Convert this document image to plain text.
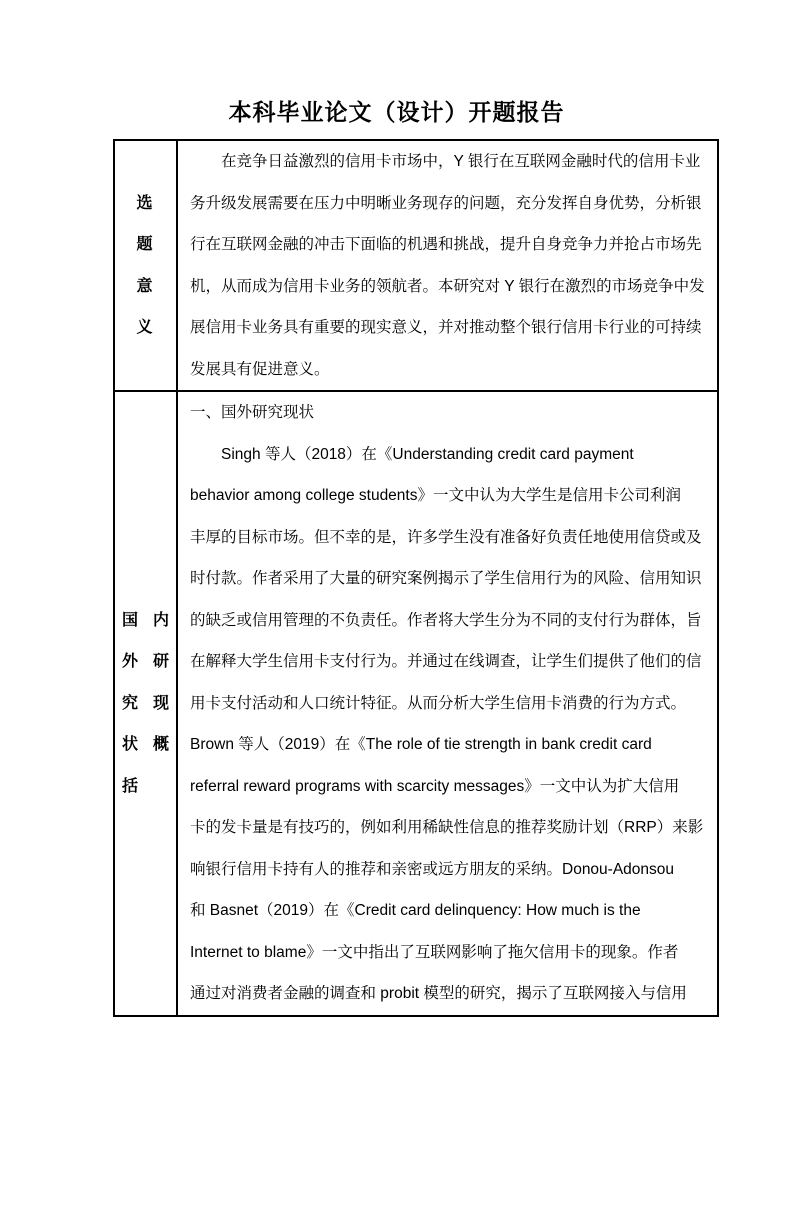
本科毕业论文（设计）开题报告
选题意义
　　在竞争日益激烈的信用卡市场中，Y 银行在互联网金融时代的信用卡业
务升级发展需要在压力中明晰业务现存的问题，充分发挥自身优势，分析银
行在互联网金融的冲击下面临的机遇和挑战，提升自身竞争力并抢占市场先
机，从而成为信用卡业务的领航者。本研究对 Y 银行在激烈的市场竞争中发
展信用卡业务具有重要的现实意义，并对推动整个银行信用卡行业的可持续
发展具有促进意义。
国内外研究现状概括
一、国外研究现状
　　Singh 等人（2018）在《Understanding credit card payment
behavior among college students》一文中认为大学生是信用卡公司利润
丰厚的目标市场。但不幸的是，许多学生没有准备好负责任地使用信贷或及
时付款。作者采用了大量的研究案例揭示了学生信用行为的风险、信用知识
的缺乏或信用管理的不负责任。作者将大学生分为不同的支付行为群体，旨
在解释大学生信用卡支付行为。并通过在线调查，让学生们提供了他们的信
用卡支付活动和人口统计特征。从而分析大学生信用卡消费的行为方式。
Brown 等人（2019）在《The role of tie strength in bank credit card
referral reward programs with scarcity messages》一文中认为扩大信用
卡的发卡量是有技巧的，例如利用稀缺性信息的推荐奖励计划（RRP）来影
响银行信用卡持有人的推荐和亲密或远方朋友的采纳。Donou-Adonsou
和 Basnet（2019）在《Credit card delinquency: How much is the
Internet to blame》一文中指出了互联网影响了拖欠信用卡的现象。作者
通过对消费者金融的调查和 probit 模型的研究，揭示了互联网接入与信用
